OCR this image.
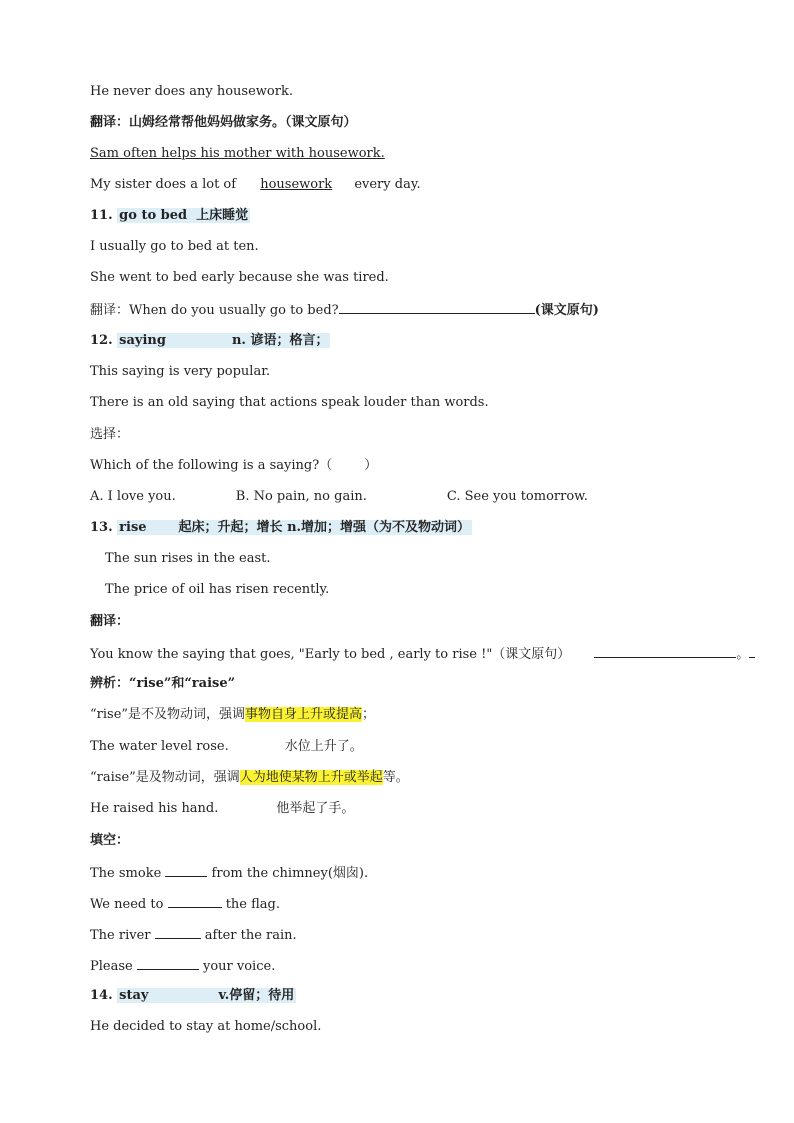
He never does any housework.
翻译：山姆经常帮他妈妈做家务。（课文原句）
Sam often helps his mother with housework.
My sister does a lot of housework every day.
11. go to bed 上床睡觉
I usually go to bed at ten.
She went to bed early because she was tired.
翻译：When do you usually go to bed?	(课文原句)
12. saying	n. 谚语；格言；
This saying is very popular.
There is an old saying that actions speak louder than words.
选择：
Which of the following is a saying?（ ）
A. I love you.	B. No pain, no gain.	C. See you tomorrow.
13. rise 起床；升起；增长 n.增加；增强（为不及物动词）
The sun rises in the east.
The price of oil has risen recently.
翻译：
You know the saying that goes, "Early to bed , early to rise !"（课文原句）	。
辨析：“rise”和“raise”
“rise”是不及物动词，强调事物自身上升或提高；
The water level rose.	水位上升了。
“raise”是及物动词，强调人为地使某物上升或举起等。
He raised his hand.	他举起了手。
填空：
The smoke	from the chimney(烟囱).
We need to	the flag.
The river	after the rain.
Please	your voice.
14. stay	v.停留；待用
He decided to stay at home/school.
